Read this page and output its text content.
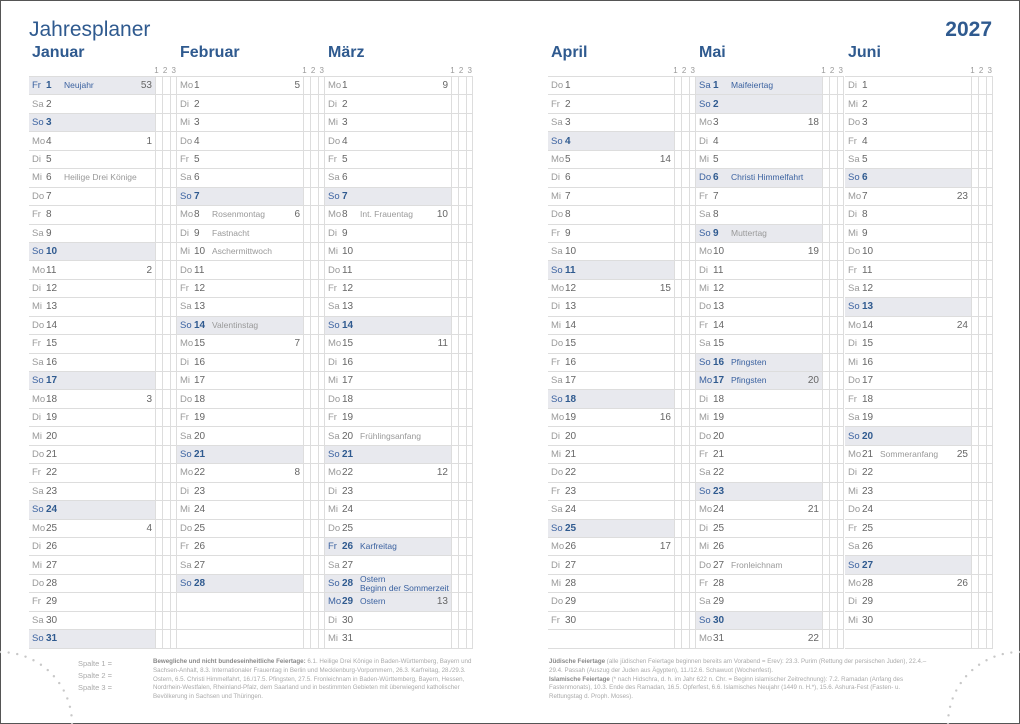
Jahresplaner	2027
Januar
1 2 3
Fr 1	Neujahr	53
Sa 2
So 3
Mo 4	1
Di 5
Mi 6	Heilige Drei Könige
Do 7
Fr 8
Sa 9
So 10
Mo 11	2
Di 12
Mi 13
Do 14
Fr 15
Sa 16
So 17
Mo 18	3
Di 19
Mi 20
Do 21
Fr 22
Sa 23
So 24
Mo 25	4
Di 26
Mi 27
Do 28
Fr 29
Sa 30
So 31
Februar
1 2 3
Mo 1	5
Di 2
Mi 3
Do 4
Fr 5
Sa 6
So 7
Mo 8	Rosenmontag	6
Di 9	Fastnacht
Mi 10 Aschermittwoch
Do 11
Fr 12
Sa 13
So 14 Valentinstag
Mo 15	7
Di 16
Mi 17
Do 18
Fr 19
Sa 20
So 21
Mo 22	8
Di 23
Mi 24
Do 25
Fr 26
Sa 27
So 28
März
1 2 3
Mo 1	9
Di 2
Mi 3
Do 4
Fr 5
Sa 6
So 7
Mo 8	Int. Frauentag 10
Di 9
Mi 10
Do 11
Fr 12
Sa 13
So 14
Mo 15	11
Di 16
Mi 17
Do 18
Fr 19
Sa 20 Frühlingsanfang
So 21
Mo 22	12
Di 23
Mi 24
Do 25
Fr 26 Karfreitag
Sa 27
So 28 Ostern
Beginn der Sommerzeit
Mo 29 Ostern	13
Di 30
Mi 31
April
1 2 3
Do 1
Fr 2
Sa 3
So 4
Mo 5	14
Di 6
Mi 7
Do 8
Fr 9
Sa 10
So 11
Mo 12	15
Di 13
Mi 14
Do 15
Fr 16
Sa 17
So 18
Mo 19	16
Di 20
Mi 21
Do 22
Fr 23
Sa 24
So 25
Mo 26	17
Di 27
Mi 28
Do 29
Fr 30
Mai
1 2 3
Sa 1	Maifeiertag
So 2
Mo 3	18
Di 4
Mi 5
Do 6	Christi Himmelfahrt
Fr 7
Sa 8
So 9	Muttertag
Mo 10	19
Di 11
Mi 12
Do 13
Fr 14
Sa 15
So 16 Pfingsten
Mo 17 Pfingsten	20
Di 18
Mi 19
Do 20
Fr 21
Sa 22
So 23
Mo 24	21
Di 25
Mi 26
Do 27 Fronleichnam
Fr 28
Sa 29
So 30
Mo 31	22
Juni
1 2 3
Di 1
Mi 2
Do 3
Fr 4
Sa 5
So 6
Mo 7	23
Di 8
Mi 9
Do 10
Fr 11
Sa 12
So 13
Mo 14	24
Di 15
Mi 16
Do 17
Fr 18
Sa 19
So 20
Mo 21 Sommeranfang 25
Di 22
Mi 23
Do 24
Fr 25
Sa 26
So 27
Mo 28	26
Di 29
Mi 30
Spalte 1 =
Spalte 2 =
Spalte 3 =
Bewegliche und nicht bundeseinheitliche Feiertage: 6.1. Heilige Drei Könige in Baden-Württemberg, Bayern und Sachsen-Anhalt, 8.3. Internationaler Frauentag in Berlin und Mecklenburg-Vorpommern, 26.3. Karfreitag, 28./29.3. Ostern, 6.5. Christi Himmelfahrt, 16./17.5. Pfingsten, 27.5. Fronleichnam in Baden-Württemberg, Bayern, Hessen, Nordrhein-Westfalen, Rheinland-Pfalz, dem Saarland und in bestimmten Gebieten mit überwiegend katholischer Bevölkerung in Sachsen und Thüringen.
Jüdische Feiertage (alle jüdischen Feiertage beginnen bereits am Vorabend = Erev): 23.3. Purim (Rettung der persischen Juden), 22.4.–29.4. Passah (Auszug der Juden aus Ägypten), 11./12.6. Schawuot (Wochenfest).
Islamische Feiertage (* nach Hidschra, d. h. im Jahr 622 n. Chr. = Beginn islamischer Zeitrechnung): 7.2. Ramadan (Anfang des Fastenmonats), 10.3. Ende des Ramadan, 16.5. Opferfest, 6.6. Islamisches Neujahr (1449 n. H.*), 15.6. Ashura-Fest (Fasten- u. Rettungstag d. Proph. Moses).
